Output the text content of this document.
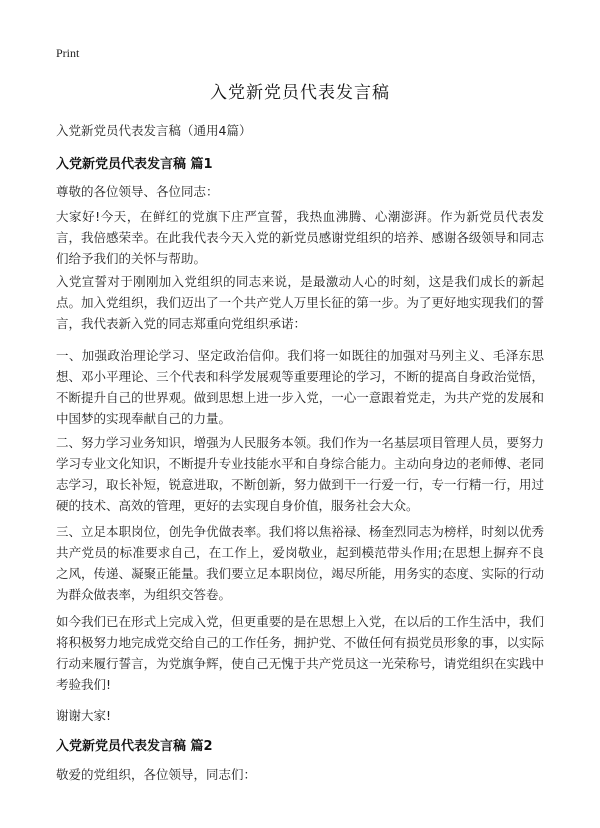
Print
入党新党员代表发言稿
入党新党员代表发言稿（通用4篇）
入党新党员代表发言稿 篇1
尊敬的各位领导、各位同志：
大家好!今天，在鲜红的党旗下庄严宣誓，我热血沸腾、心潮澎湃。作为新党员代表发言，我倍感荣幸。在此我代表今天入党的新党员感谢党组织的培养、感谢各级领导和同志们给予我们的关怀与帮助。
入党宣誓对于刚刚加入党组织的同志来说，是最激动人心的时刻，这是我们成长的新起点。加入党组织，我们迈出了一个共产党人万里长征的第一步。为了更好地实现我们的誓言，我代表新入党的同志郑重向党组织承诺：
一、加强政治理论学习、坚定政治信仰。我们将一如既往的加强对马列主义、毛泽东思想、邓小平理论、三个代表和科学发展观等重要理论的学习，不断的提高自身政治觉悟，不断提升自己的世界观。做到思想上进一步入党，一心一意跟着党走，为共产党的发展和中国梦的实现奉献自己的力量。
二、努力学习业务知识，增强为人民服务本领。我们作为一名基层项目管理人员，要努力学习专业文化知识，不断提升专业技能水平和自身综合能力。主动向身边的老师傅、老同志学习，取长补短，锐意进取，不断创新，努力做到干一行爱一行，专一行精一行，用过硬的技术、高效的管理，更好的去实现自身价值，服务社会大众。
三、立足本职岗位，创先争优做表率。我们将以焦裕禄、杨奎烈同志为榜样，时刻以优秀共产党员的标准要求自己，在工作上，爱岗敬业，起到模范带头作用;在思想上摒弃不良之风，传递、凝聚正能量。我们要立足本职岗位，竭尽所能，用务实的态度、实际的行动为群众做表率，为组织交答卷。
如今我们已在形式上完成入党，但更重要的是在思想上入党，在以后的工作生活中，我们将积极努力地完成党交给自己的工作任务，拥护党、不做任何有损党员形象的事，以实际行动来履行誓言，为党旗争辉，使自己无愧于共产党员这一光荣称号，请党组织在实践中考验我们!
谢谢大家!
入党新党员代表发言稿 篇2
敬爱的党组织，各位领导，同志们：
